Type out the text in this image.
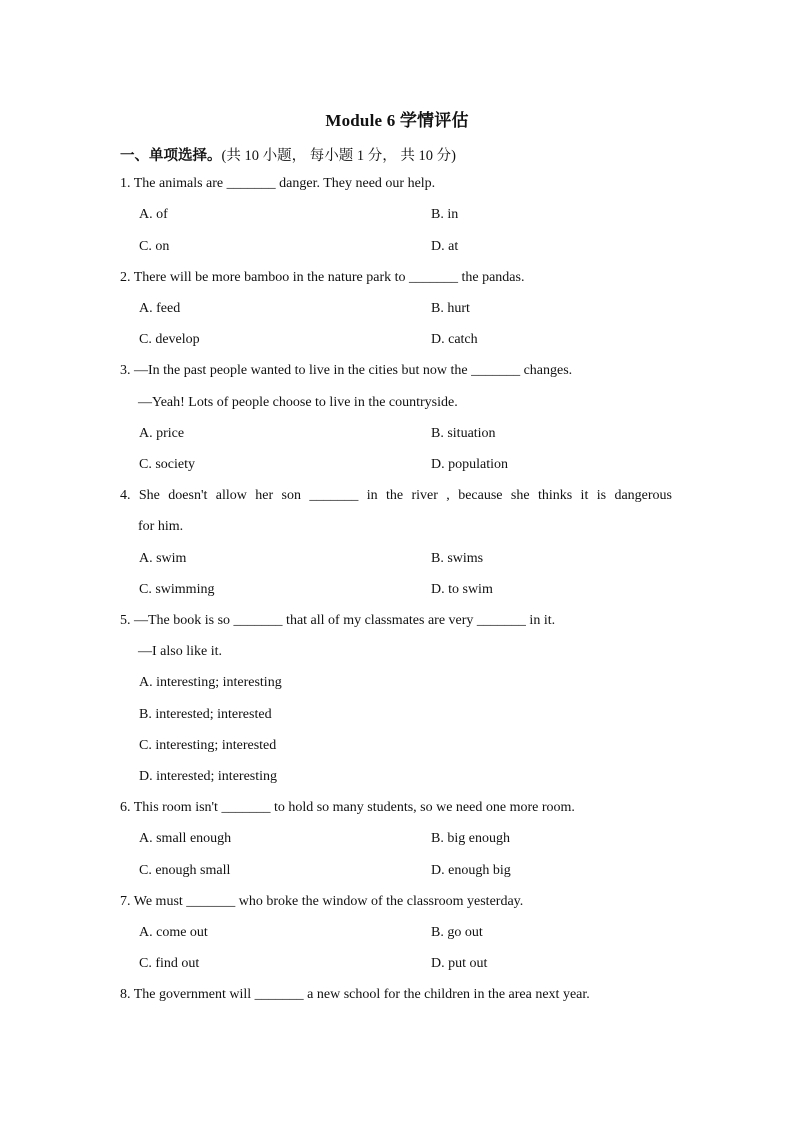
Module 6 学情评估
一、单项选择。(共 10 小题， 每小题 1 分， 共 10 分)
1. The animals are _______ danger. They need our help.
A. of	B. in
C. on	D. at
2. There will be more bamboo in the nature park to _______ the pandas.
A. feed	B. hurt
C. develop	D. catch
3. —In the past people wanted to live in the cities but now the _______ changes.
—Yeah! Lots of people choose to live in the countryside.
A. price	B. situation
C. society	D. population
4. She doesn't allow her son _______ in the river , because she thinks it is dangerous
for him.
A. swim	B. swims
C. swimming	D. to swim
5. —The book is so _______ that all of my classmates are very _______ in it.
—I also like it.
A. interesting; interesting
B. interested; interested
C. interesting; interested
D. interested; interesting
6. This room isn't _______ to hold so many students, so we need one more room.
A. small enough	B. big enough
C. enough small	D. enough big
7. We must _______ who broke the window of the classroom yesterday.
A. come out	B. go out
C. find out	D. put out
8. The government will _______ a new school for the children in the area next year.
